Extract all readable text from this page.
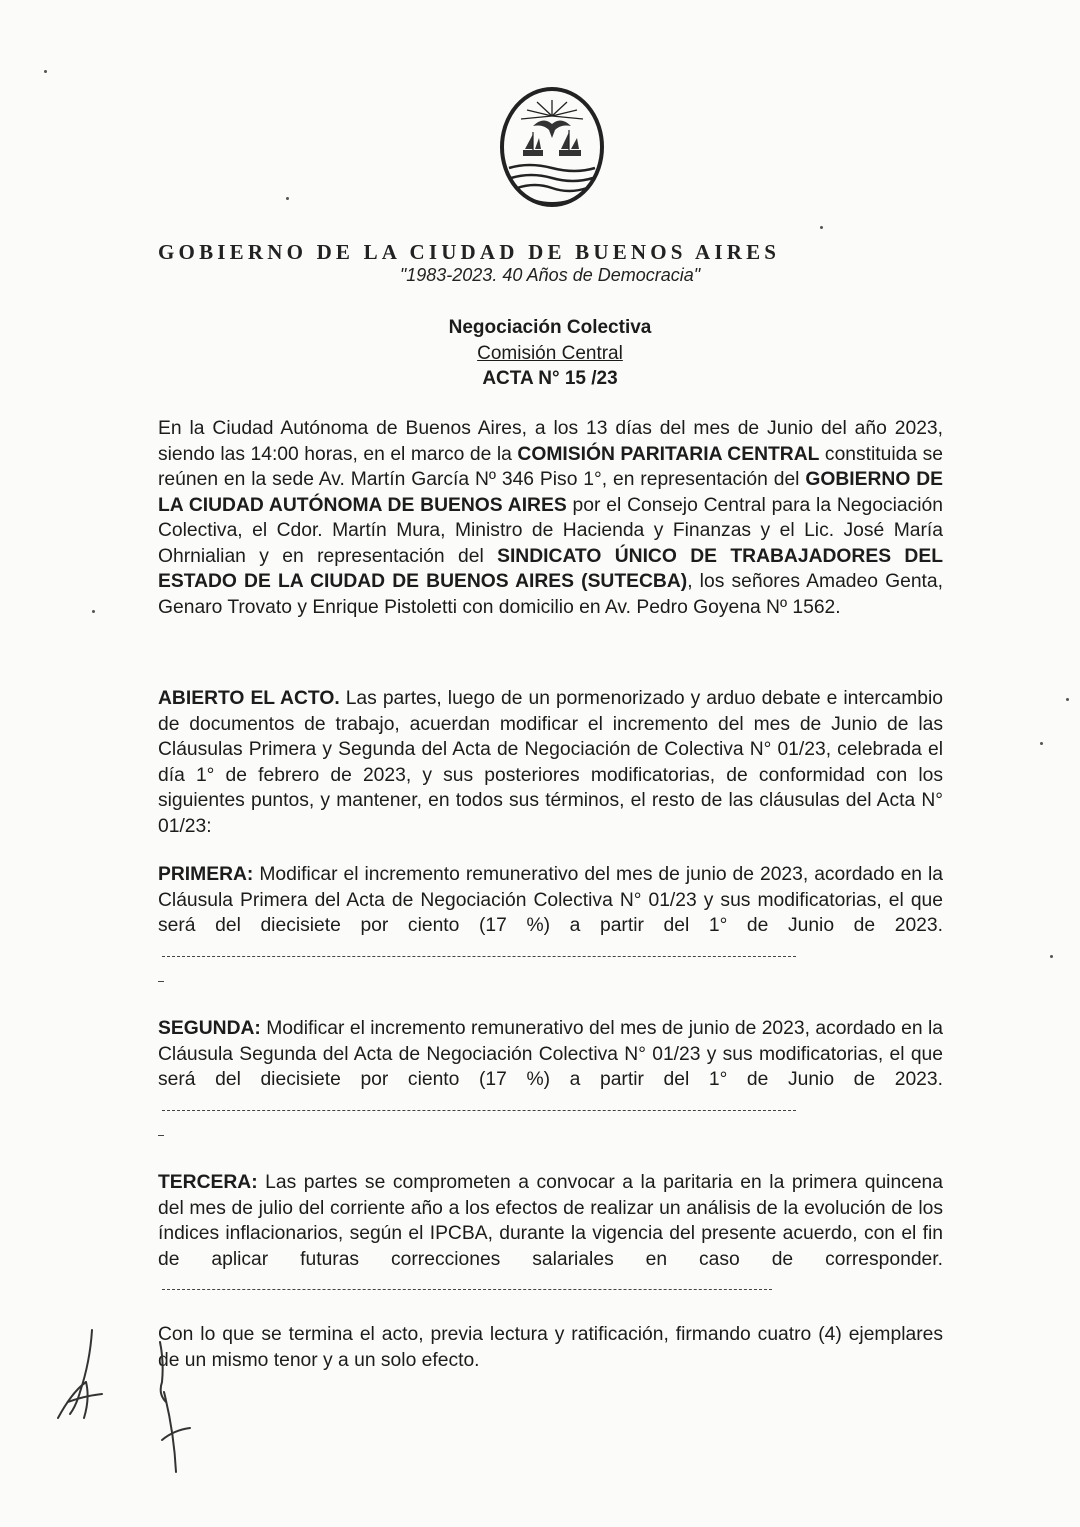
GOBIERNO DE LA CIUDAD DE BUENOS AIRES
"1983-2023. 40 Años de Democracia"
Negociación Colectiva
Comisión Central
ACTA N° 15 /23

En la Ciudad Autónoma de Buenos Aires, a los 13 días del mes de Junio del año 2023, siendo las 14:00 horas, en el marco de la COMISIÓN PARITARIA CENTRAL constituida se reúnen en la sede Av. Martín García Nº 346 Piso 1°, en representación del GOBIERNO DE LA CIUDAD AUTÓNOMA DE BUENOS AIRES por el Consejo Central para la Negociación Colectiva, el Cdor. Martín Mura, Ministro de Hacienda y Finanzas y el Lic. José María Ohrnialian y en representación del SINDICATO ÚNICO DE TRABAJADORES DEL ESTADO DE LA CIUDAD DE BUENOS AIRES (SUTECBA), los señores Amadeo Genta, Genaro Trovato y Enrique Pistoletti con domicilio en Av. Pedro Goyena Nº 1562.

ABIERTO EL ACTO. Las partes, luego de un pormenorizado y arduo debate e intercambio de documentos de trabajo, acuerdan modificar el incremento del mes de Junio de las Cláusulas Primera y Segunda del Acta de Negociación de Colectiva N° 01/23, celebrada el día 1° de febrero de 2023, y sus posteriores modificatorias, de conformidad con los siguientes puntos, y mantener, en todos sus términos, el resto de las cláusulas del Acta N° 01/23:

PRIMERA: Modificar el incremento remunerativo del mes de junio de 2023, acordado en la Cláusula Primera del Acta de Negociación Colectiva N° 01/23 y sus modificatorias, el que será del diecisiete por ciento (17 %) a partir del 1° de Junio de 2023.

SEGUNDA: Modificar el incremento remunerativo del mes de junio de 2023, acordado en la Cláusula Segunda del Acta de Negociación Colectiva N° 01/23 y sus modificatorias, el que será del diecisiete por ciento (17 %) a partir del 1° de Junio de 2023.

TERCERA: Las partes se comprometen a convocar a la paritaria en la primera quincena del mes de julio del corriente año a los efectos de realizar un análisis de la evolución de los índices inflacionarios, según el IPCBA, durante la vigencia del presente acuerdo, con el fin de aplicar futuras correcciones salariales en caso de corresponder.

Con lo que se termina el acto, previa lectura y ratificación, firmando cuatro (4) ejemplares de un mismo tenor y a un solo efecto.
